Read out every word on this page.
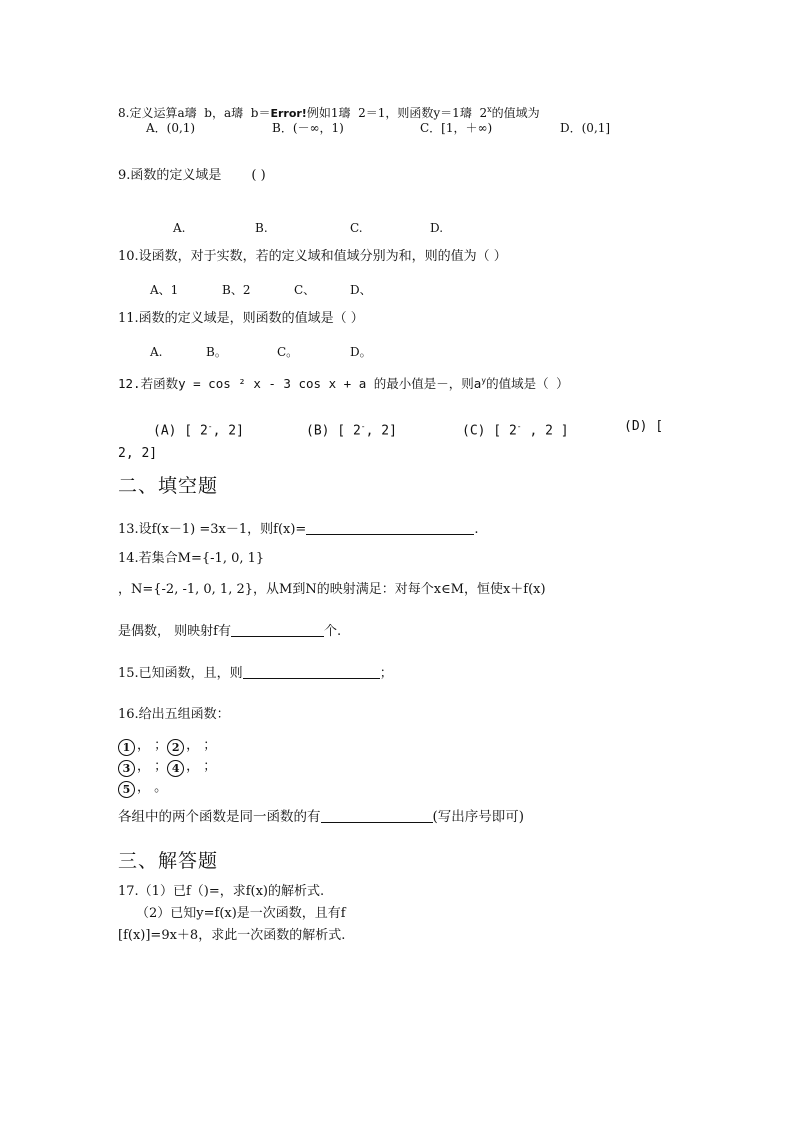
8.定义运算a璹 b，a璹 b＝Error!例如1璹 2＝1，则函数y＝1璹 2$^x$的值域为
A．(0,1)	B．(－∞，1)	C．[1，＋∞)	D．(0,1]
9.函数的定义域是 ( )
A.	B.	C.	D.
10.设函数，对于实数，若的定义域和值域分别为和，则的值为（ ）
A、1	B、2	C、	D、
11.函数的定义域是，则函数的值域是（ ）
A.	B。	C。	D。
12.若函数y = cos ² x - 3 cos x + a 的最小值是－，则$a^y$的值域是（ ）
(A) [ 2-, 2]	(B) [ 2-, 2]	(C) [ 2- , 2 ]	(D) [
2, 2]
二、填空题
13.设f(x－1) =3x－1，则f(x)=	.
14.若集合M={-1, 0, 1}
，N={-2, -1, 0, 1, 2}，从M到N的映射满足：对每个x∈M，恒使x＋f(x)
是偶数， 则映射f有	个.
15.已知函数，且，则	；
16.给出五组函数：
1 ， ； 2 ， ；
3 ， ； 4 ， ；
5 ， 。
各组中的两个函数是同一函数的有	(写出序号即可)
三、解答题
17.（1）已f（)=，求f(x)的解析式.
（2）已知y=f(x)是一次函数，且有f
[f(x)]=9x＋8，求此一次函数的解析式.
